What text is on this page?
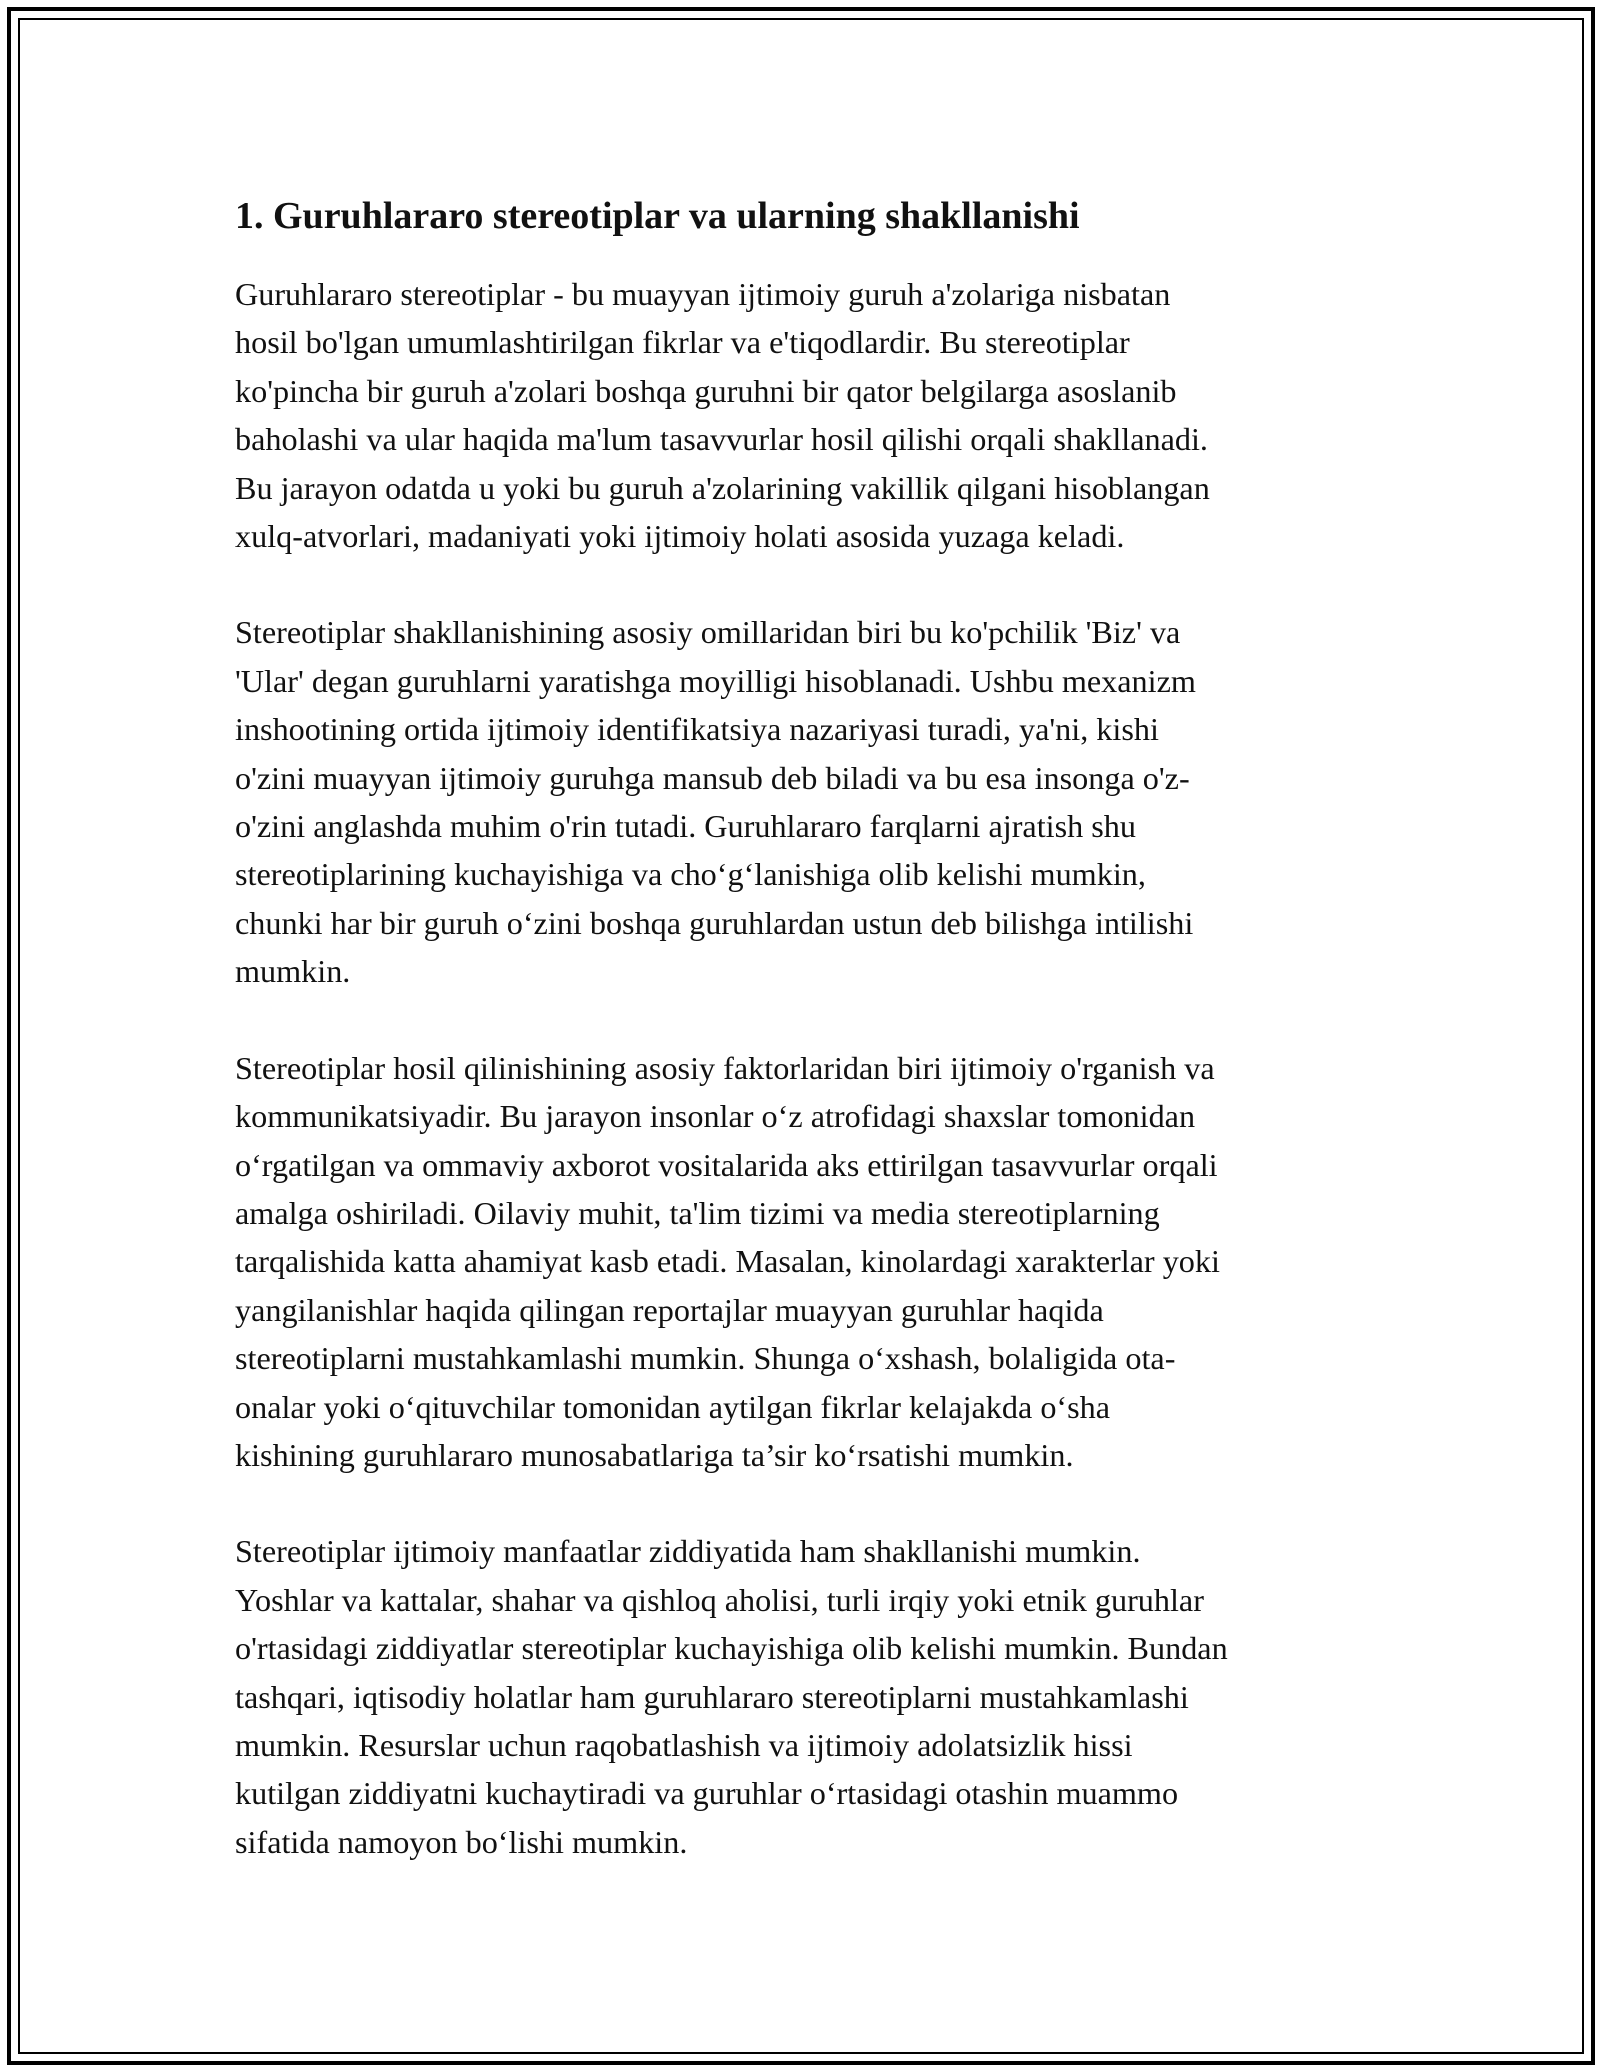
1. Guruhlararo stereotiplar va ularning shakllanishi

Guruhlararo stereotiplar - bu muayyan ijtimoiy guruh a'zolariga nisbatan
hosil bo'lgan umumlashtirilgan fikrlar va e'tiqodlardir. Bu stereotiplar
ko'pincha bir guruh a'zolari boshqa guruhni bir qator belgilarga asoslanib
baholashi va ular haqida ma'lum tasavvurlar hosil qilishi orqali shakllanadi.
Bu jarayon odatda u yoki bu guruh a'zolarining vakillik qilgani hisoblangan
xulq-atvorlari, madaniyati yoki ijtimoiy holati asosida yuzaga keladi.

Stereotiplar shakllanishining asosiy omillaridan biri bu ko'pchilik 'Biz' va
'Ular' degan guruhlarni yaratishga moyilligi hisoblanadi. Ushbu mexanizm
inshootining ortida ijtimoiy identifikatsiya nazariyasi turadi, ya'ni, kishi
o'zini muayyan ijtimoiy guruhga mansub deb biladi va bu esa insonga o'z-
o'zini anglashda muhim o'rin tutadi. Guruhlararo farqlarni ajratish shu
stereotiplarining kuchayishiga va cho‘g‘lanishiga olib kelishi mumkin,
chunki har bir guruh o‘zini boshqa guruhlardan ustun deb bilishga intilishi
mumkin.

Stereotiplar hosil qilinishining asosiy faktorlaridan biri ijtimoiy o'rganish va
kommunikatsiyadir. Bu jarayon insonlar o‘z atrofidagi shaxslar tomonidan
o‘rgatilgan va ommaviy axborot vositalarida aks ettirilgan tasavvurlar orqali
amalga oshiriladi. Oilaviy muhit, ta'lim tizimi va media stereotiplarning
tarqalishida katta ahamiyat kasb etadi. Masalan, kinolardagi xarakterlar yoki
yangilanishlar haqida qilingan reportajlar muayyan guruhlar haqida
stereotiplarni mustahkamlashi mumkin. Shunga o‘xshash, bolaligida ota-
onalar yoki o‘qituvchilar tomonidan aytilgan fikrlar kelajakda o‘sha
kishining guruhlararo munosabatlariga ta’sir ko‘rsatishi mumkin.

Stereotiplar ijtimoiy manfaatlar ziddiyatida ham shakllanishi mumkin.
Yoshlar va kattalar, shahar va qishloq aholisi, turli irqiy yoki etnik guruhlar
o'rtasidagi ziddiyatlar stereotiplar kuchayishiga olib kelishi mumkin. Bundan
tashqari, iqtisodiy holatlar ham guruhlararo stereotiplarni mustahkamlashi
mumkin. Resurslar uchun raqobatlashish va ijtimoiy adolatsizlik hissi
kutilgan ziddiyatni kuchaytiradi va guruhlar o‘rtasidagi otashin muammo
sifatida namoyon bo‘lishi mumkin.
